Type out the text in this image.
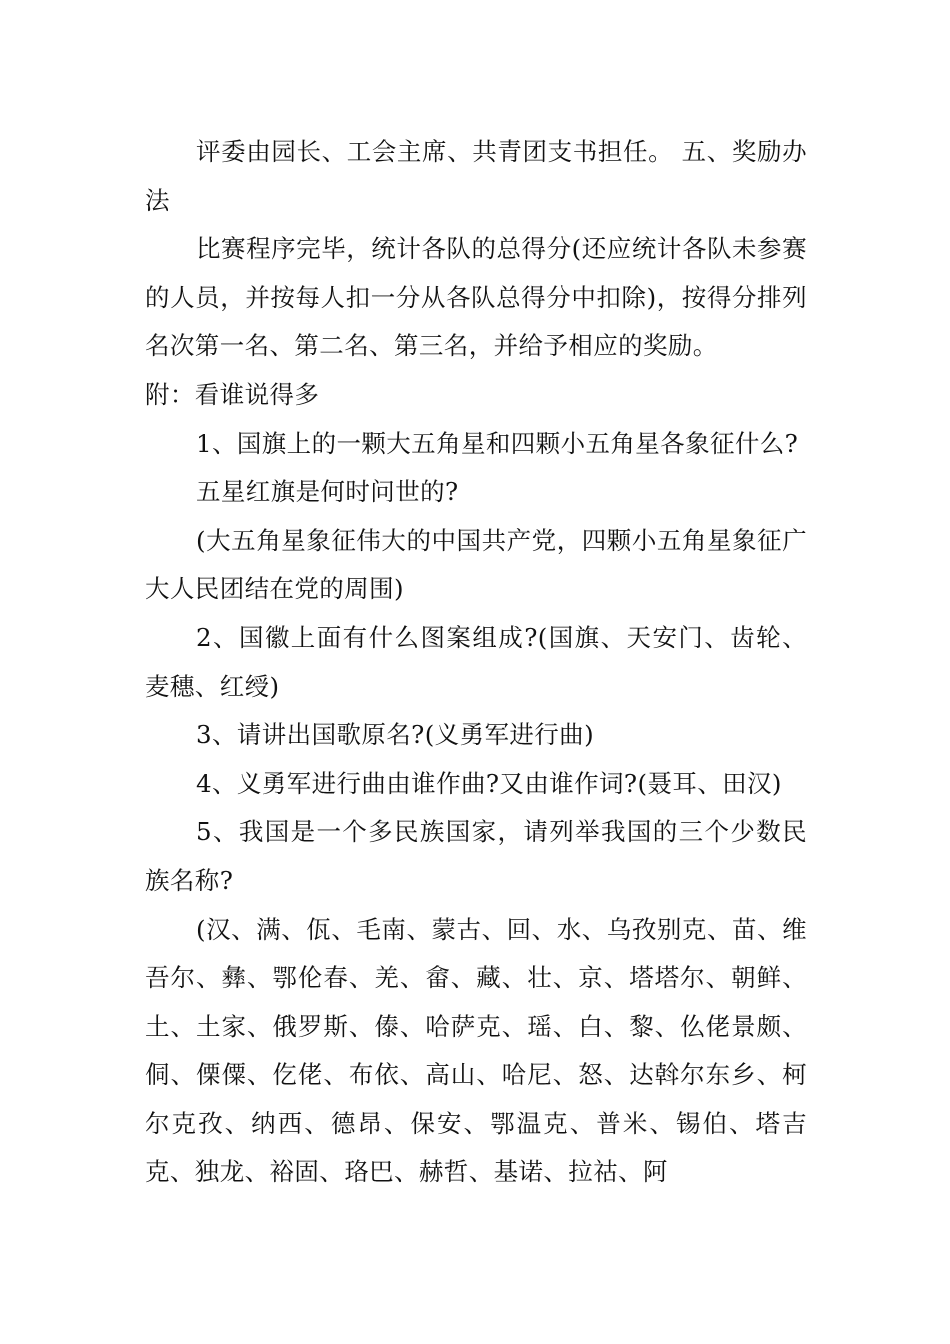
评委由园长、工会主席、共青团支书担任。 五、奖励办法

比赛程序完毕，统计各队的总得分(还应统计各队未参赛的人员，并按每人扣一分从各队总得分中扣除)，按得分排列名次第一名、第二名、第三名，并给予相应的奖励。

附：看谁说得多

1、国旗上的一颗大五角星和四颗小五角星各象征什么?

五星红旗是何时问世的?

(大五角星象征伟大的中国共产党，四颗小五角星象征广大人民团结在党的周围)

2、国徽上面有什么图案组成?(国旗、天安门、齿轮、麦穗、红绶)

3、请讲出国歌原名?(义勇军进行曲)

4、义勇军进行曲由谁作曲?又由谁作词?(聂耳、田汉)

5、我国是一个多民族国家，请列举我国的三个少数民族名称?

(汉、满、佤、毛南、蒙古、回、水、乌孜别克、苗、维吾尔、彝、鄂伦春、羌、畲、藏、壮、京、塔塔尔、朝鲜、土、土家、俄罗斯、傣、哈萨克、瑶、白、黎、仫佬景颇、侗、傈僳、仡佬、布依、高山、哈尼、怒、达斡尔东乡、柯尔克孜、纳西、德昂、保安、鄂温克、普米、锡伯、塔吉克、独龙、裕固、珞巴、赫哲、基诺、拉祜、阿
